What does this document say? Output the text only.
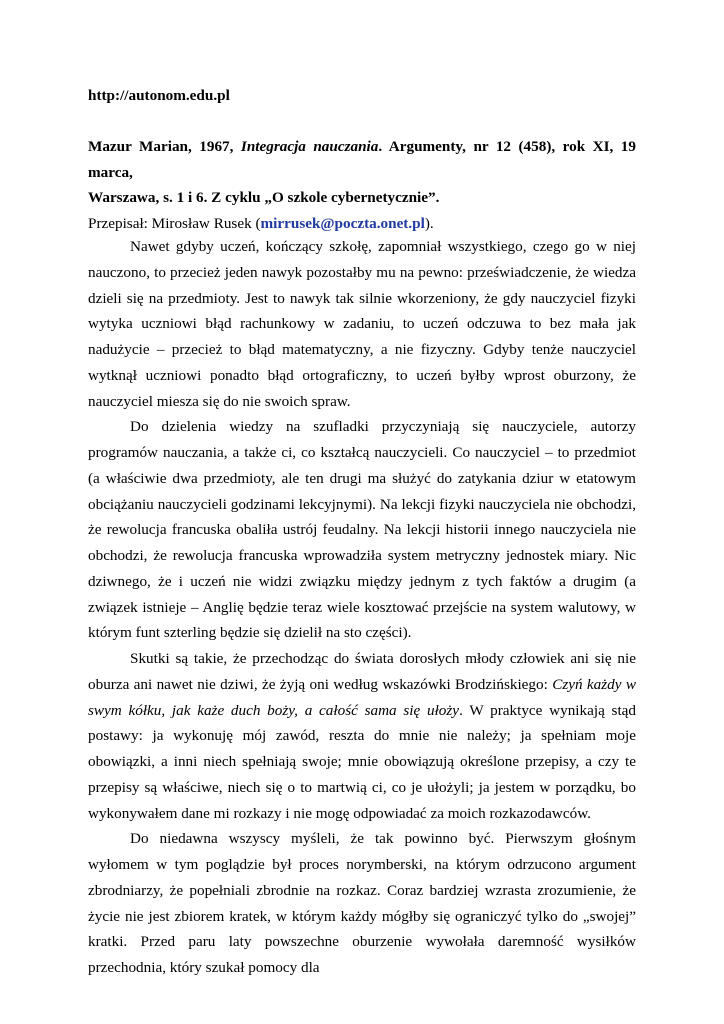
http://autonom.edu.pl
Mazur Marian, 1967, Integracja nauczania. Argumenty, nr 12 (458), rok XI, 19 marca,
Warszawa, s. 1 i 6. Z cyklu „O szkole cybernetycznie”.
Przepisał: Mirosław Rusek (mirrusek@poczta.onet.pl).

Nawet gdyby uczeń, kończący szkołę, zapomniał wszystkiego, czego go w niej nauczono, to przecież jeden nawyk pozostałby mu na pewno: przeświadczenie, że wiedza dzieli się na przedmioty. Jest to nawyk tak silnie wkorzeniony, że gdy nauczyciel fizyki wytyka uczniowi błąd rachunkowy w zadaniu, to uczeń odczuwa to bez mała jak nadużycie – przecież to błąd matematyczny, a nie fizyczny. Gdyby tenże nauczyciel wytknął uczniowi ponadto błąd ortograficzny, to uczeń byłby wprost oburzony, że nauczyciel miesza się do nie swoich spraw.

Do dzielenia wiedzy na szufladki przyczyniają się nauczyciele, autorzy programów nauczania, a także ci, co kształcą nauczycieli. Co nauczyciel – to przedmiot (a właściwie dwa przedmioty, ale ten drugi ma służyć do zatykania dziur w etatowym obciążaniu nauczycieli godzinami lekcyjnymi). Na lekcji fizyki nauczyciela nie obchodzi, że rewolucja francuska obaliła ustrój feudalny. Na lekcji historii innego nauczyciela nie obchodzi, że rewolucja francuska wprowadziła system metryczny jednostek miary. Nic dziwnego, że i uczeń nie widzi związku między jednym z tych faktów a drugim (a związek istnieje – Anglię będzie teraz wiele kosztować przejście na system walutowy, w którym funt szterling będzie się dzielił na sto części).

Skutki są takie, że przechodząc do świata dorosłych młody człowiek ani się nie oburza ani nawet nie dziwi, że żyją oni według wskazówki Brodzińskiego: Czyń każdy w swym kółku, jak każe duch boży, a całość sama się ułoży. W praktyce wynikają stąd postawy: ja wykonuję mój zawód, reszta do mnie nie należy; ja spełniam moje obowiązki, a inni niech spełniają swoje; mnie obowiązują określone przepisy, a czy te przepisy są właściwe, niech się o to martwią ci, co je ułożyli; ja jestem w porządku, bo wykonywałem dane mi rozkazy i nie mogę odpowiadać za moich rozkazodawców.

Do niedawna wszyscy myśleli, że tak powinno być. Pierwszym głośnym wyłomem w tym poglądzie był proces norymberski, na którym odrzucono argument zbrodniarzy, że popełniali zbrodnie na rozkaz. Coraz bardziej wzrasta zrozumienie, że życie nie jest zbiorem kratek, w którym każdy mógłby się ograniczyć tylko do „swojej” kratki. Przed paru laty powszechne oburzenie wywołała daremność wysiłków przechodnia, który szukał pomocy dla
